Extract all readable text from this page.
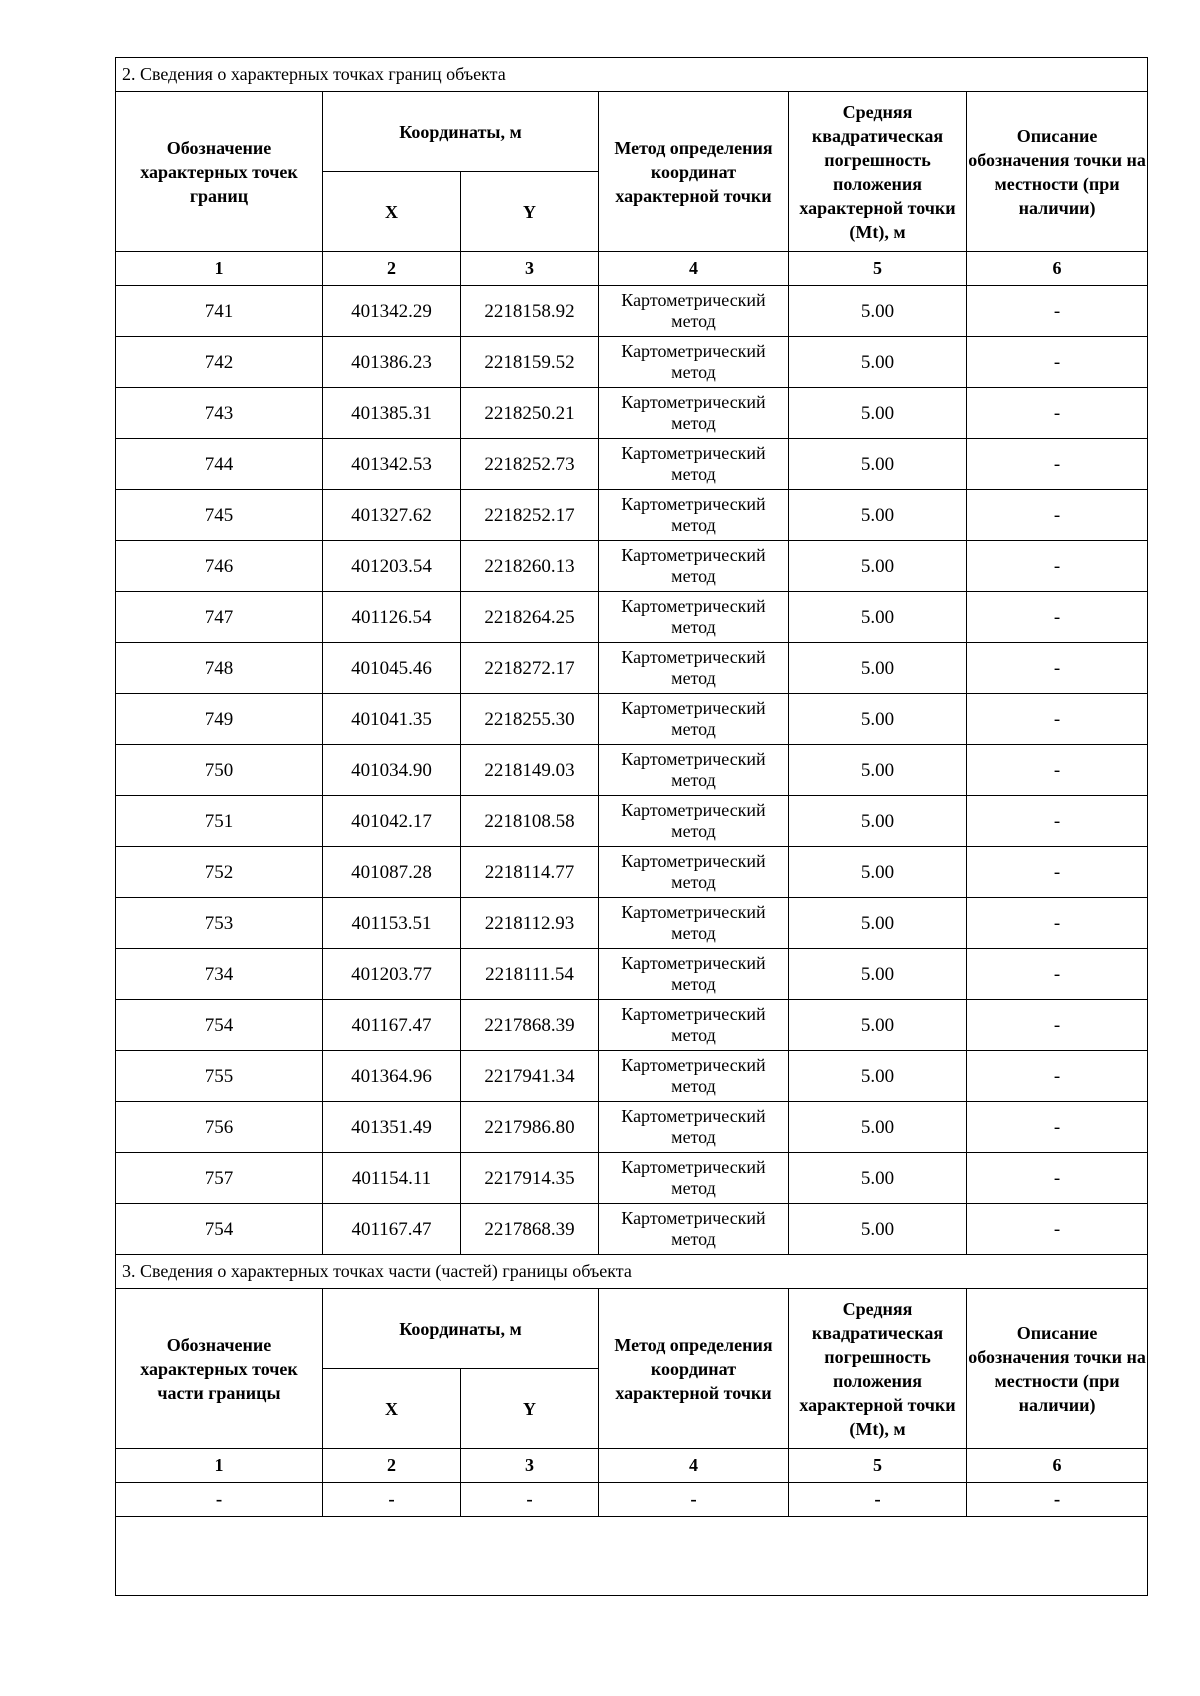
2. Сведения о характерных точках границ объекта					
Обозначение характерных точек границ	Координаты, м		Метод определения координат характерной точки	Средняя квадратическая погрешность положения характерной точки (Mt), м	Описание обозначения точки на местности (при наличии)
	X	Y			
1	2	3	4	5	6
741	401342.29	2218158.92	Картометрический метод	5.00	-
742	401386.23	2218159.52	Картометрический метод	5.00	-
743	401385.31	2218250.21	Картометрический метод	5.00	-
744	401342.53	2218252.73	Картометрический метод	5.00	-
745	401327.62	2218252.17	Картометрический метод	5.00	-
746	401203.54	2218260.13	Картометрический метод	5.00	-
747	401126.54	2218264.25	Картометрический метод	5.00	-
748	401045.46	2218272.17	Картометрический метод	5.00	-
749	401041.35	2218255.30	Картометрический метод	5.00	-
750	401034.90	2218149.03	Картометрический метод	5.00	-
751	401042.17	2218108.58	Картометрический метод	5.00	-
752	401087.28	2218114.77	Картометрический метод	5.00	-
753	401153.51	2218112.93	Картометрический метод	5.00	-
734	401203.77	2218111.54	Картометрический метод	5.00	-
754	401167.47	2217868.39	Картометрический метод	5.00	-
755	401364.96	2217941.34	Картометрический метод	5.00	-
756	401351.49	2217986.80	Картометрический метод	5.00	-
757	401154.11	2217914.35	Картометрический метод	5.00	-
754	401167.47	2217868.39	Картометрический метод	5.00	-
3. Сведения о характерных точках части (частей) границы объекта					
Обозначение характерных точек части границы	Координаты, м		Метод определения координат характерной точки	Средняя квадратическая погрешность положения характерной точки (Mt), м	Описание обозначения точки на местности (при наличии)
	X	Y			
1	2	3	4	5	6
-	-	-	-	-	-
